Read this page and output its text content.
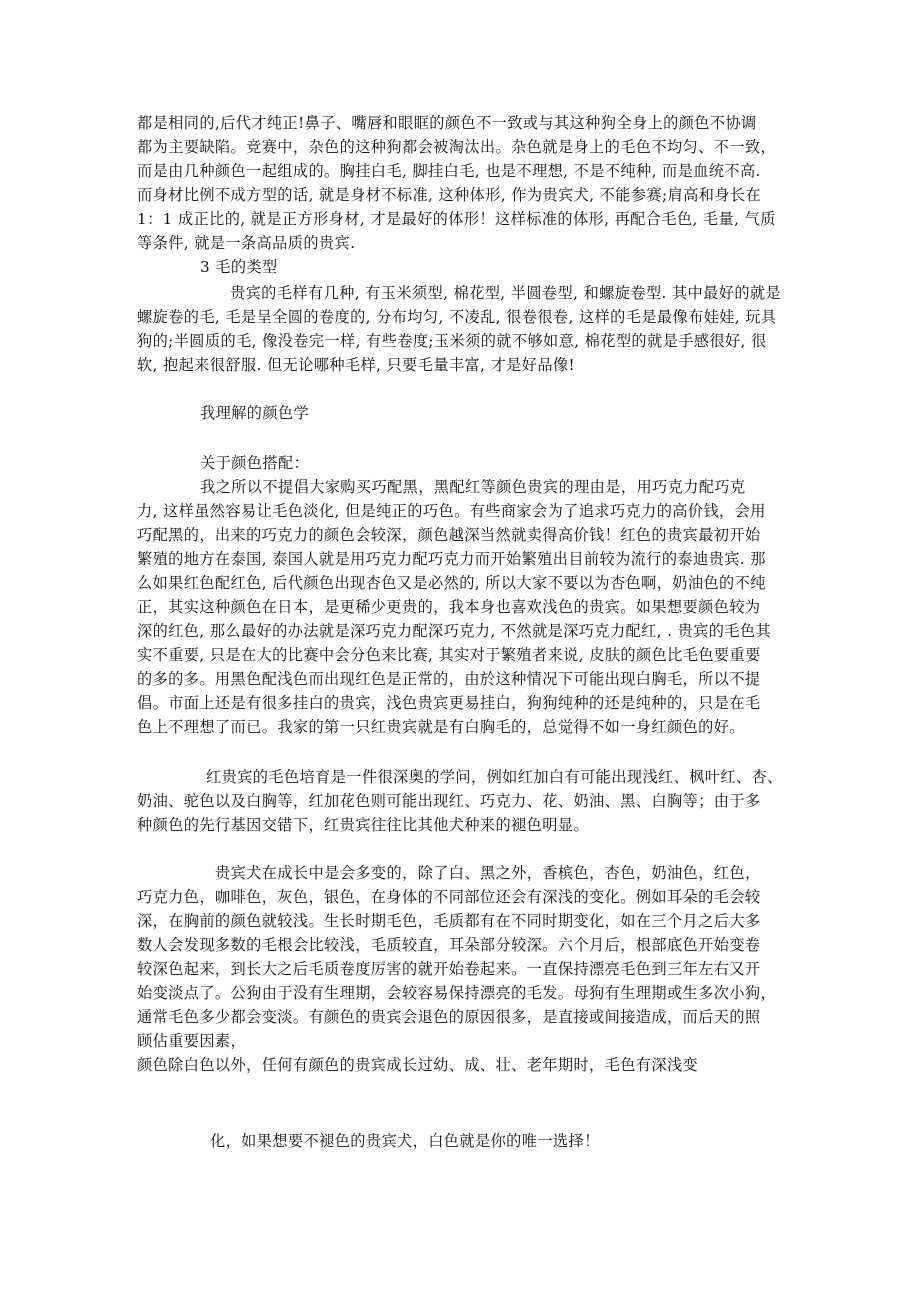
都是相同的,后代才纯正!鼻子、嘴唇和眼眶的颜色不一致或与其这种狗全身上的颜色不协调
都为主要缺陷。竞赛中，杂色的这种狗都会被淘汰出。杂色就是身上的毛色不均匀、不一致，
而是由几种颜色一起组成的。胸挂白毛, 脚挂白毛, 也是不理想, 不是不纯种, 而是血统不高.
而身材比例不成方型的话, 就是身材不标准, 这种体形, 作为贵宾犬, 不能参赛;肩高和身长在
1：1 成正比的, 就是正方形身材, 才是最好的体形！这样标准的体形, 再配合毛色, 毛量, 气质
等条件, 就是一条高品质的贵宾.
3 毛的类型
贵宾的毛样有几种, 有玉米须型, 棉花型, 半圆卷型, 和螺旋卷型. 其中最好的就是
螺旋卷的毛, 毛是呈全圆的卷度的, 分布均匀, 不凌乱, 很卷很卷, 这样的毛是最像布娃娃, 玩具
狗的;半圆质的毛, 像没卷完一样, 有些卷度;玉米须的就不够如意, 棉花型的就是手感很好, 很
软, 抱起来很舒服. 但无论哪种毛样, 只要毛量丰富, 才是好品像!
我理解的颜色学
关于颜色搭配：
我之所以不提倡大家购买巧配黑，黑配红等颜色贵宾的理由是，用巧克力配巧克
力, 这样虽然容易让毛色淡化, 但是纯正的巧色。有些商家会为了追求巧克力的高价钱，会用
巧配黑的，出来的巧克力的颜色会较深，颜色越深当然就卖得高价钱！红色的贵宾最初开始
繁殖的地方在泰国, 泰国人就是用巧克力配巧克力而开始繁殖出目前较为流行的泰迪贵宾. 那
么如果红色配红色, 后代颜色出现杏色又是必然的, 所以大家不要以为杏色啊，奶油色的不纯
正，其实这种颜色在日本，是更稀少更贵的，我本身也喜欢浅色的贵宾。如果想要颜色较为
深的红色, 那么最好的办法就是深巧克力配深巧克力, 不然就是深巧克力配红, . 贵宾的毛色其
实不重要, 只是在大的比赛中会分色来比赛, 其实对于繁殖者来说, 皮肤的颜色比毛色要重要
的多的多。用黑色配浅色而出现红色是正常的，由於这种情况下可能出现白胸毛，所以不提
倡。市面上还是有很多挂白的贵宾，浅色贵宾更易挂白，狗狗纯种的还是纯种的，只是在毛
色上不理想了而已。我家的第一只红贵宾就是有白胸毛的，总觉得不如一身红颜色的好。
红贵宾的毛色培育是一件很深奥的学问，例如红加白有可能出现浅红、枫叶红、杏、
奶油、驼色以及白胸等，红加花色则可能出现红、巧克力、花、奶油、黑、白胸等；由于多
种颜色的先行基因交错下，红贵宾往往比其他犬种来的褪色明显。
贵宾犬在成长中是会多变的，除了白、黑之外，香槟色，杏色，奶油色，红色，
巧克力色，咖啡色，灰色，银色，在身体的不同部位还会有深浅的变化。例如耳朵的毛会较
深，在胸前的颜色就较浅。生长时期毛色，毛质都有在不同时期变化，如在三个月之后大多
数人会发现多数的毛根会比较浅，毛质较直，耳朵部分较深。六个月后，根部底色开始变卷
较深色起来，到长大之后毛质卷度厉害的就开始卷起来。一直保持漂亮毛色到三年左右又开
始变淡点了。公狗由于没有生理期，会较容易保持漂亮的毛发。母狗有生理期或生多次小狗，
通常毛色多少都会变淡。有颜色的贵宾会退色的原因很多，是直接或间接造成，而后天的照
顾佔重要因素，
颜色除白色以外，任何有颜色的贵宾成长过幼、成、壮、老年期时，毛色有深浅变
化，如果想要不褪色的贵宾犬，白色就是你的唯一选择！
